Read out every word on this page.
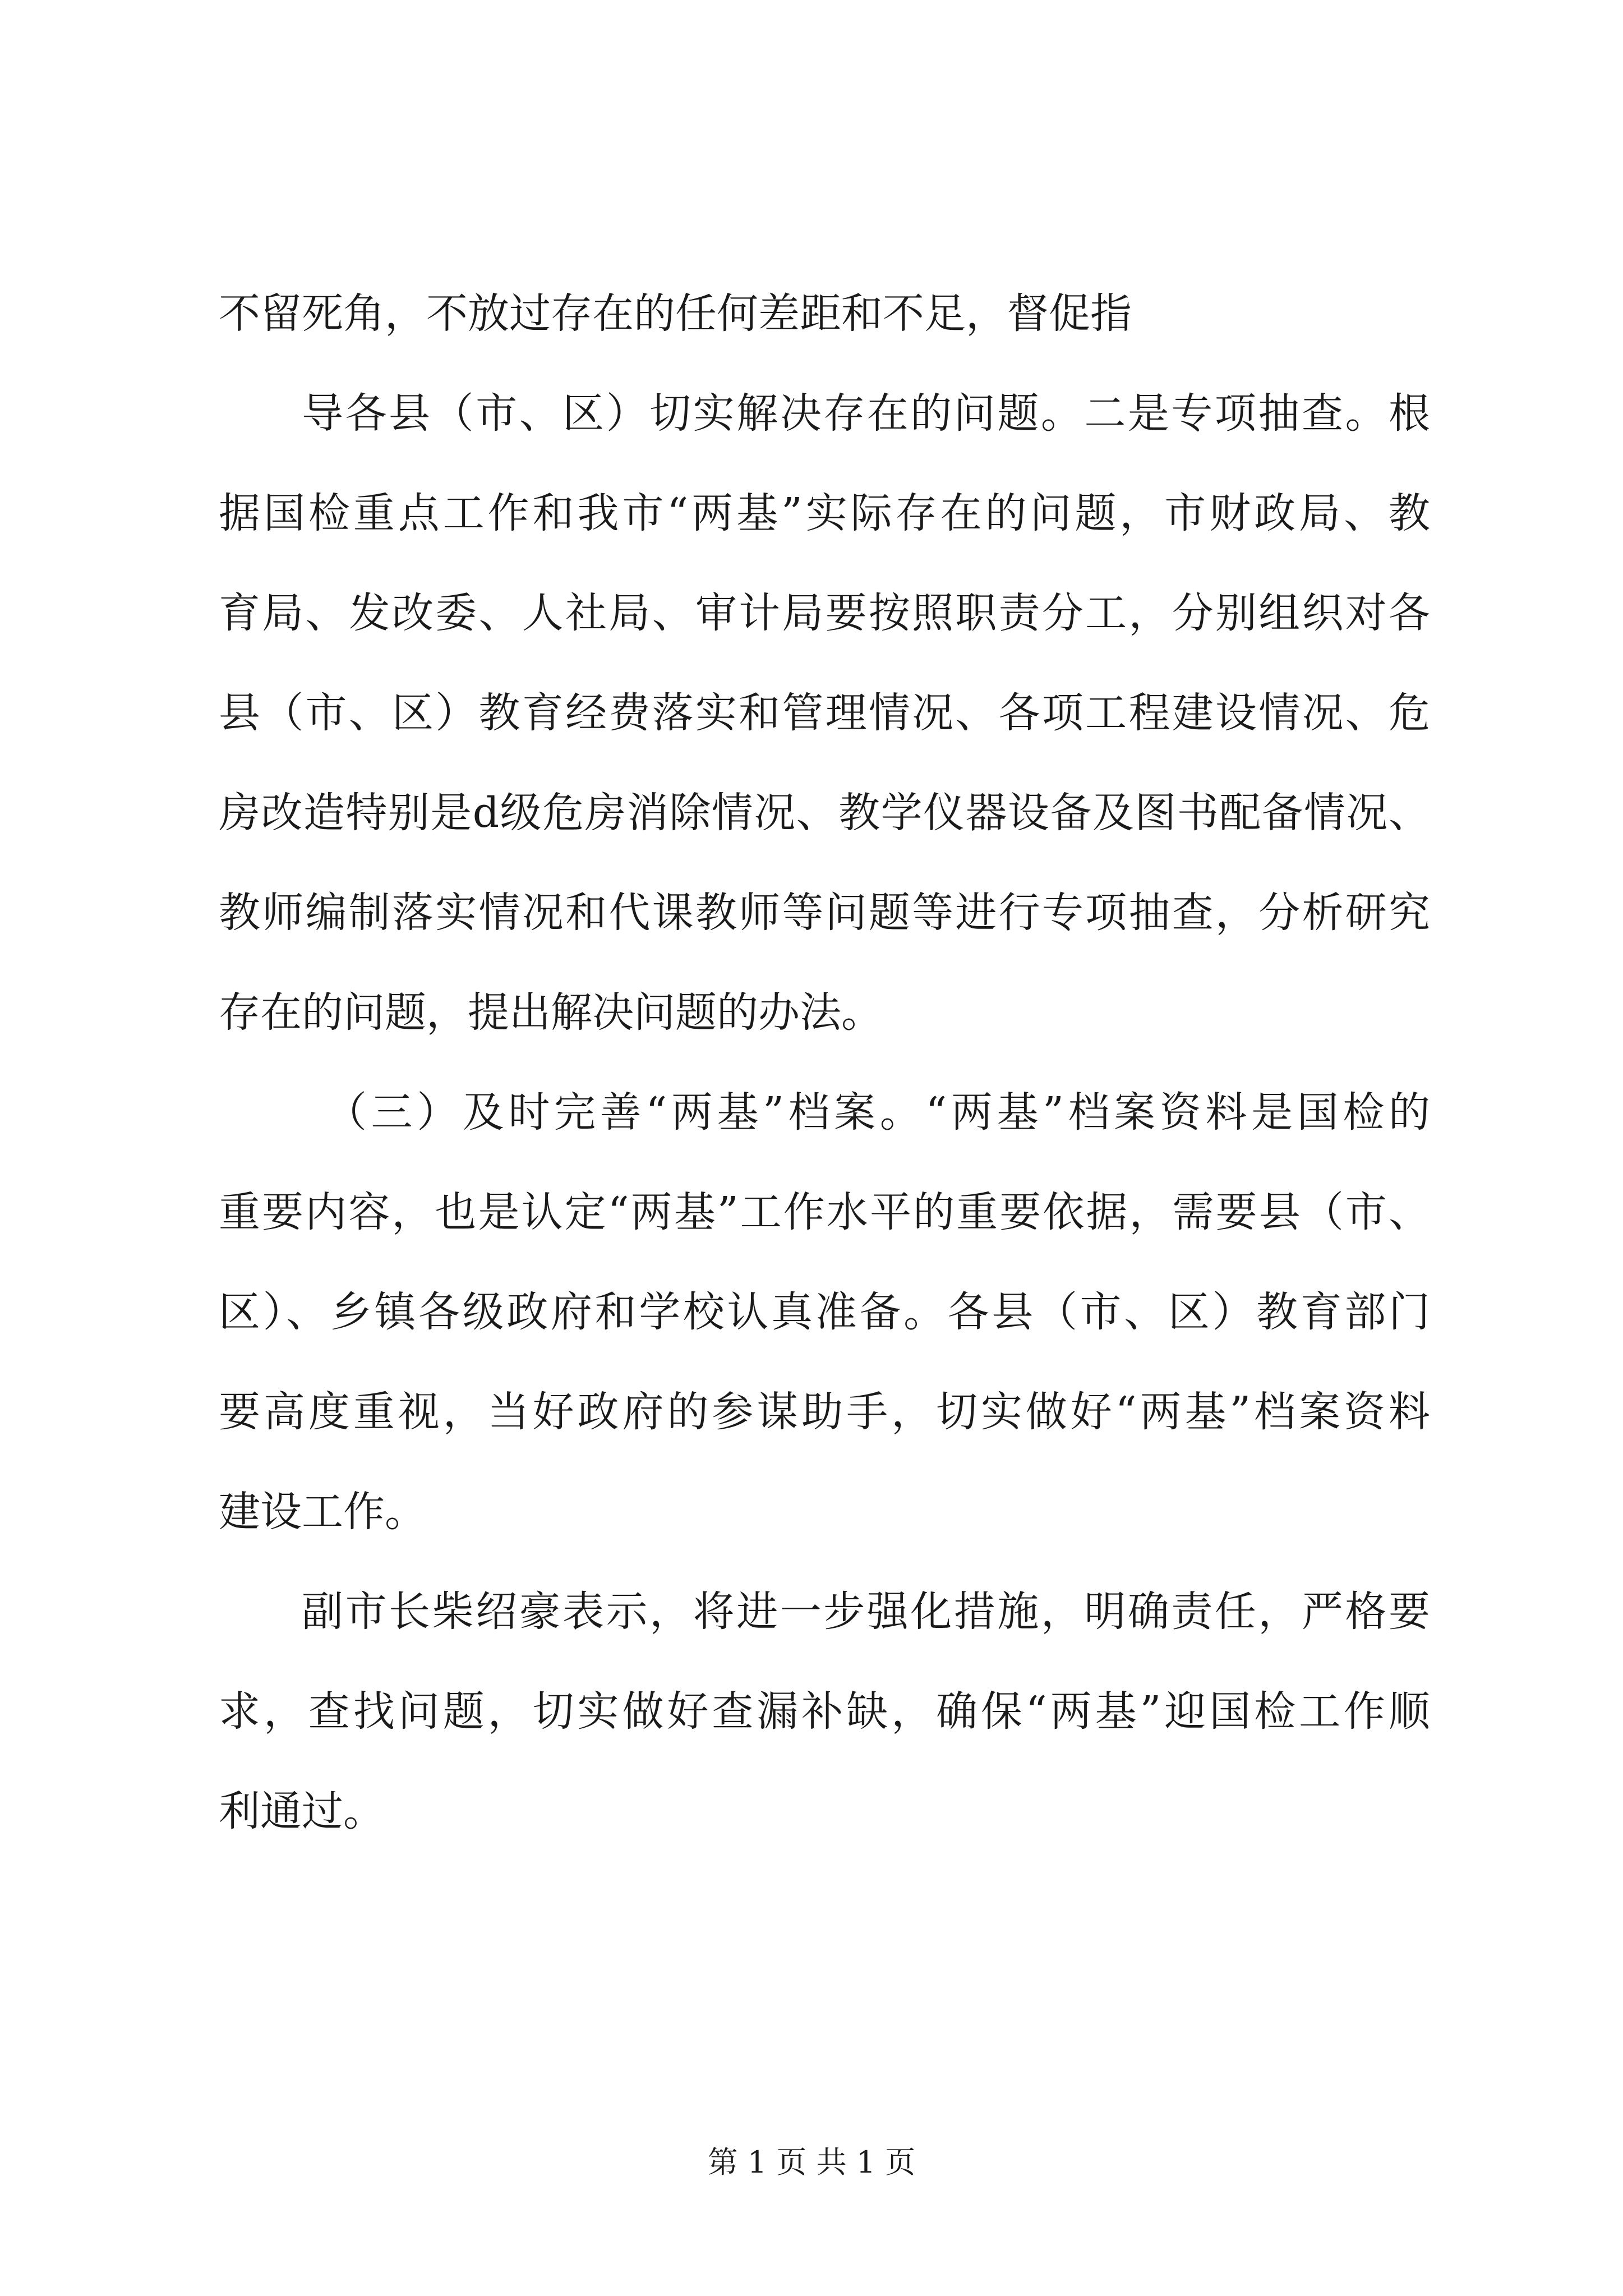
不留死角，不放过存在的任何差距和不足，督促指
导各县（市、区）切实解决存在的问题。二是专项抽查。根
据国检重点工作和我市“两基”实际存在的问题，市财政局、教
育局、发改委、人社局、审计局要按照职责分工，分别组织对各
县（市、区）教育经费落实和管理情况、各项工程建设情况、危
房改造特别是d级危房消除情况、教学仪器设备及图书配备情况、
教师编制落实情况和代课教师等问题等进行专项抽查，分析研究
存在的问题，提出解决问题的办法。
（三）及时完善“两基”档案。“两基”档案资料是国检的
重要内容，也是认定“两基”工作水平的重要依据，需要县（市、
区）、乡镇各级政府和学校认真准备。各县（市、区）教育部门
要高度重视，当好政府的参谋助手，切实做好“两基”档案资料
建设工作。
副市长柴绍豪表示，将进一步强化措施，明确责任，严格要
求，查找问题，切实做好查漏补缺，确保“两基”迎国检工作顺
利通过。
第 1 页 共 1 页
